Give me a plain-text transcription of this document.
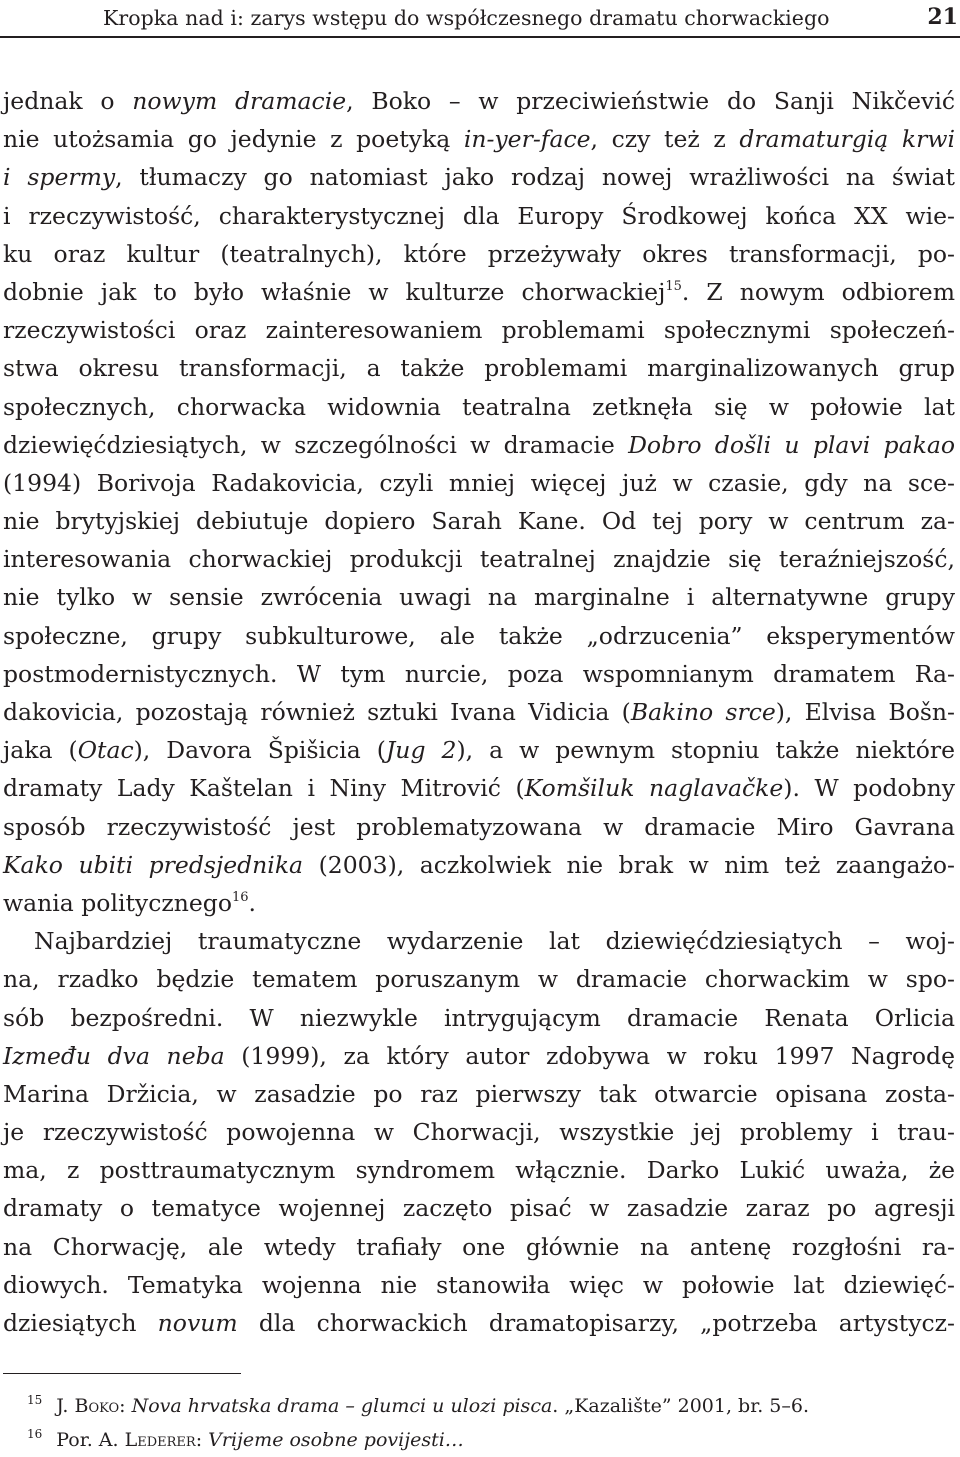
Kropka nad i: zarys wstępu do współczesnego dramatu chorwackiego	21
jednak o nowym dramacie, Boko – w przeciwieństwie do Sanji Nikčević
nie utożsamia go jedynie z poetyką in-yer-face, czy też z dramaturgią krwi
i spermy, tłumaczy go natomiast jako rodzaj nowej wrażliwości na świat
i rzeczywistość, charakterystycznej dla Europy Środkowej końca XX wie-
ku oraz kultur (teatralnych), które przeżywały okres transformacji, po-
dobnie jak to było właśnie w kulturze chorwackiej$^{15}$. Z nowym odbiorem
rzeczywistości oraz zainteresowaniem problemami społecznymi społeczeń-
stwa okresu transformacji, a także problemami marginalizowanych grup
społecznych, chorwacka widownia teatralna zetknęła się w połowie lat
dziewięćdziesiątych, w szczególności w dramacie Dobro došli u plavi pakao
(1994) Borivoja Radakovicia, czyli mniej więcej już w czasie, gdy na sce-
nie brytyjskiej debiutuje dopiero Sarah Kane. Od tej pory w centrum za-
interesowania chorwackiej produkcji teatralnej znajdzie się teraźniejszość,
nie tylko w sensie zwrócenia uwagi na marginalne i alternatywne grupy
społeczne, grupy subkulturowe, ale także „odrzucenia” eksperymentów
postmodernistycznych. W tym nurcie, poza wspomnianym dramatem Ra-
dakovicia, pozostają również sztuki Ivana Vidicia (Bakino srce), Elvisa Bošn-
jaka (Otac), Davora Špišicia (Jug 2), a w pewnym stopniu także niektóre
dramaty Lady Kaštelan i Niny Mitrović (Komšiluk naglavačke). W podobny
sposób rzeczywistość jest problematyzowana w dramacie Miro Gavrana
Kako ubiti predsjednika (2003), aczkolwiek nie brak w nim też zaangażo-
wania politycznego$^{16}$.
Najbardziej traumatyczne wydarzenie lat dziewięćdziesiątych – woj-
na, rzadko będzie tematem poruszanym w dramacie chorwackim w spo-
sób bezpośredni. W niezwykle intrygującym dramacie Renata Orlicia
Između dva neba (1999), za który autor zdobywa w roku 1997 Nagrodę
Marina Držicia, w zasadzie po raz pierwszy tak otwarcie opisana zosta-
je rzeczywistość powojenna w Chorwacji, wszystkie jej problemy i trau-
ma, z posttraumatycznym syndromem włącznie. Darko Lukić uważa, że
dramaty o tematyce wojennej zaczęto pisać w zasadzie zaraz po agresji
na Chorwację, ale wtedy trafiały one głównie na antenę rozgłośni ra-
diowych. Tematyka wojenna nie stanowiła więc w połowie lat dziewięć-
dziesiątych novum dla chorwackich dramatopisarzy, „potrzeba artystycz-
$^{15}$ J. Boko: Nova hrvatska drama – glumci u ulozi pisca. „Kazalište” 2001, br. 5–6.
$^{16}$ Por. A. Lederer: Vrijeme osobne povijesti…
